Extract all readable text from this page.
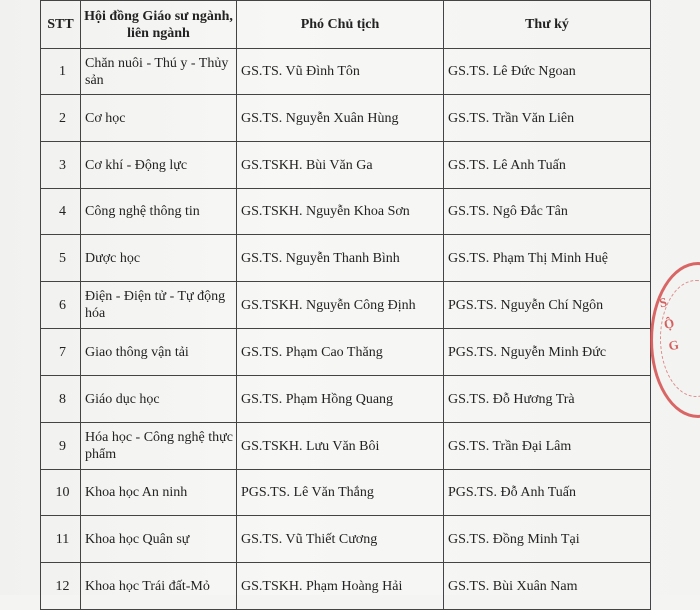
STT	Hội đồng Giáo sư ngành, liên ngành	Phó Chủ tịch	Thư ký
1	Chăn nuôi - Thú y - Thủy sản	GS.TS. Vũ Đình Tôn	GS.TS. Lê Đức Ngoan
2	Cơ học	GS.TS. Nguyễn Xuân Hùng	GS.TS. Trần Văn Liên
3	Cơ khí - Động lực	GS.TSKH. Bùi Văn Ga	GS.TS. Lê Anh Tuấn
4	Công nghệ thông tin	GS.TSKH. Nguyễn Khoa Sơn	GS.TS. Ngô Đắc Tân
5	Dược học	GS.TS. Nguyễn Thanh Bình	GS.TS. Phạm Thị Minh Huệ
6	Điện - Điện tử - Tự động hóa	GS.TSKH. Nguyễn Công Định	PGS.TS. Nguyễn Chí Ngôn
7	Giao thông vận tải	GS.TS. Phạm Cao Thăng	PGS.TS. Nguyễn Minh Đức
8	Giáo dục học	GS.TS. Phạm Hồng Quang	GS.TS. Đỗ Hương Trà
9	Hóa học - Công nghệ thực phẩm	GS.TSKH. Lưu Văn Bôi	GS.TS. Trần Đại Lâm
10	Khoa học An ninh	PGS.TS. Lê Văn Thắng	PGS.TS. Đỗ Anh Tuấn
11	Khoa học Quân sự	GS.TS. Vũ Thiết Cương	GS.TS. Đồng Minh Tại
12	Khoa học Trái đất-Mỏ	GS.TSKH. Phạm Hoàng Hải	GS.TS. Bùi Xuân Nam
S
Ộ
G
